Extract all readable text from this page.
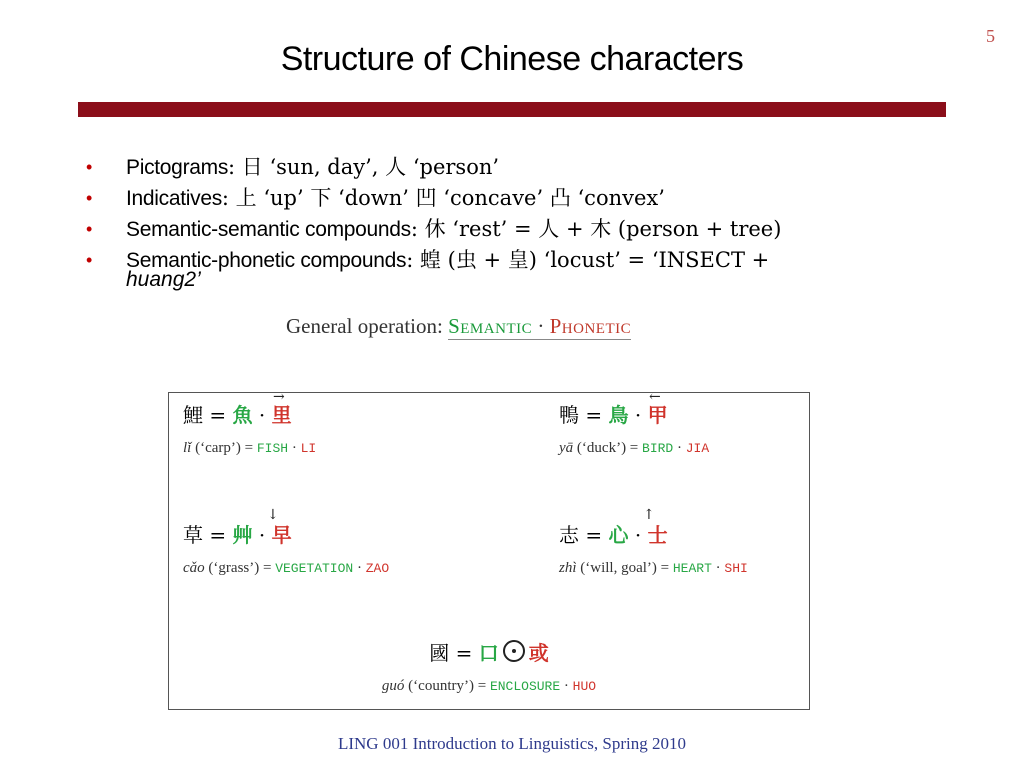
5
Structure of Chinese characters
• Pictograms: 日 ‘sun, day’, 人 ‘person’
• Indicatives: 上 ‘up’ 下 ‘down’ 凹 ‘concave’ 凸 ‘convex’
• Semantic-semantic compounds: 休 ‘rest’ = 人 + 木 (person + tree)
• Semantic-phonetic compounds: 蝗 (虫 + 皇) ‘locust’ = ‘INSECT +
huang2’
General operation: Semantic · Phonetic
鯉 = 魚
→
· 里
lǐ (‘carp’) = FISH · LI
鴨 = 鳥
←
· 甲
yā (‘duck’) = BIRD · JIA
草 = 艸
↓
· 早
cǎo (‘grass’) = VEGETATION · ZAO
志 = 心
↑
· 士
zhì (‘will, goal’) = HEART · SHI
國 = 口 或
guó (‘country’) = ENCLOSURE · HUO
LING 001 Introduction to Linguistics, Spring 2010
